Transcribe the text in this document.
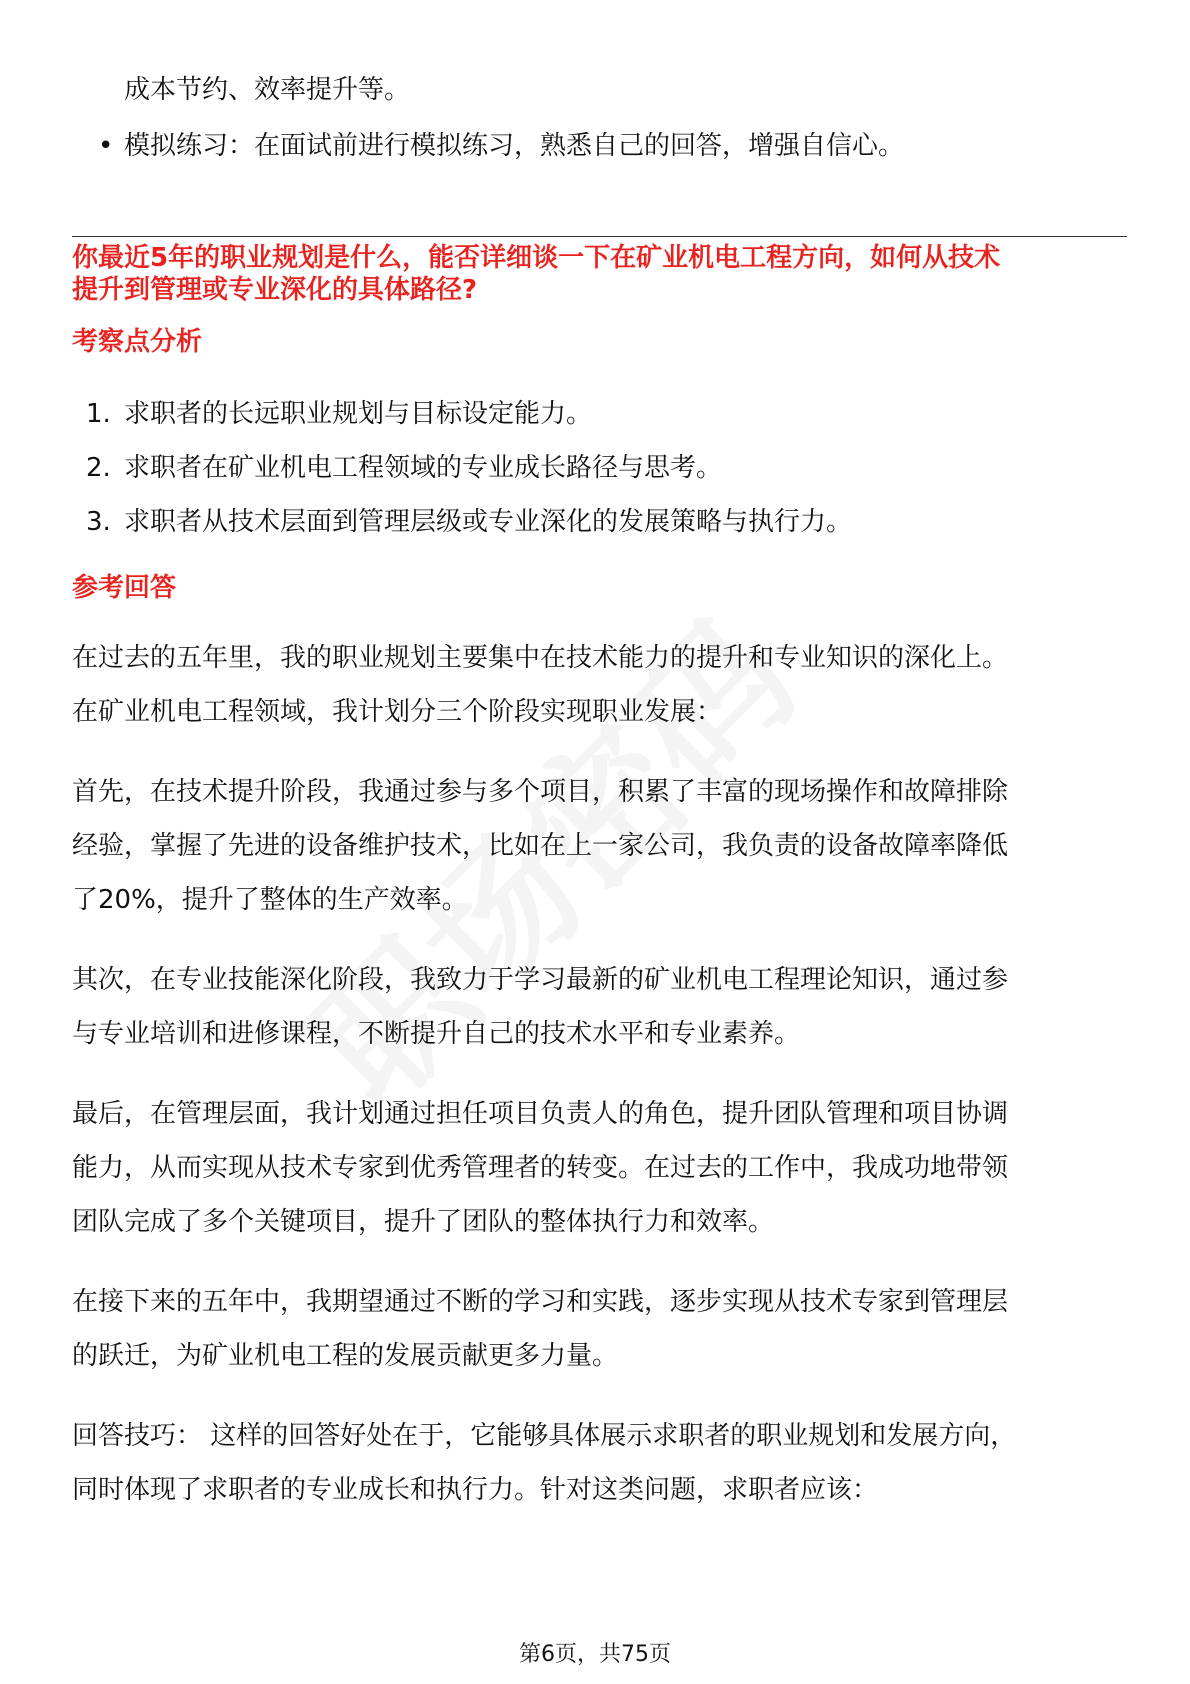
成本节约、效率提升等。
• 模拟练习：在面试前进行模拟练习，熟悉自己的回答，增强自信心。
你最近5年的职业规划是什么，能否详细谈一下在矿业机电工程方向，如何从技术
提升到管理或专业深化的具体路径?
考察点分析
1. 求职者的长远职业规划与目标设定能力。
2. 求职者在矿业机电工程领域的专业成长路径与思考。
3. 求职者从技术层面到管理层级或专业深化的发展策略与执行力。
参考回答
在过去的五年里，我的职业规划主要集中在技术能力的提升和专业知识的深化上。
在矿业机电工程领域，我计划分三个阶段实现职业发展：
首先，在技术提升阶段，我通过参与多个项目，积累了丰富的现场操作和故障排除
经验，掌握了先进的设备维护技术，比如在上一家公司，我负责的设备故障率降低
了20%，提升了整体的生产效率。
其次，在专业技能深化阶段，我致力于学习最新的矿业机电工程理论知识，通过参
与专业培训和进修课程，不断提升自己的技术水平和专业素养。
最后，在管理层面，我计划通过担任项目负责人的角色，提升团队管理和项目协调
能力，从而实现从技术专家到优秀管理者的转变。在过去的工作中，我成功地带领
团队完成了多个关键项目，提升了团队的整体执行力和效率。
在接下来的五年中，我期望通过不断的学习和实践，逐步实现从技术专家到管理层
的跃迁，为矿业机电工程的发展贡献更多力量。
回答技巧： 这样的回答好处在于，它能够具体展示求职者的职业规划和发展方向，
同时体现了求职者的专业成长和执行力。针对这类问题，求职者应该：
第6页，共75页
